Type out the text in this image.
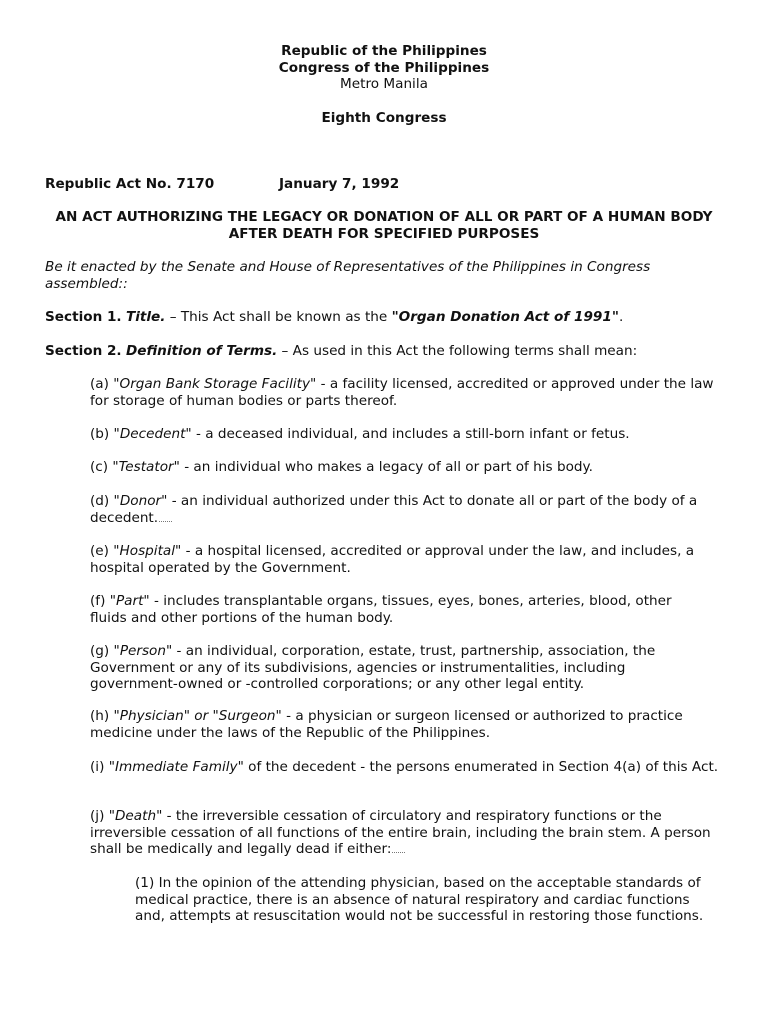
Republic of the Philippines
Congress of the Philippines
Metro Manila
Eighth Congress
Republic Act No. 7170	January 7, 1992
AN ACT AUTHORIZING THE LEGACY OR DONATION OF ALL OR PART OF A HUMAN BODY
AFTER DEATH FOR SPECIFIED PURPOSES
Be it enacted by the Senate and House of Representatives of the Philippines in Congress assembled::
Section 1. Title. – This Act shall be known as the "Organ Donation Act of 1991".
Section 2. Definition of Terms. – As used in this Act the following terms shall mean:
(a) "Organ Bank Storage Facility" - a facility licensed, accredited or approved under the law for storage of human bodies or parts thereof.
(b) "Decedent" - a deceased individual, and includes a still-born infant or fetus.
(c) "Testator" - an individual who makes a legacy of all or part of his body.
(d) "Donor" - an individual authorized under this Act to donate all or part of the body of a decedent.
(e) "Hospital" - a hospital licensed, accredited or approval under the law, and includes, a hospital operated by the Government.
(f) "Part" - includes transplantable organs, tissues, eyes, bones, arteries, blood, other fluids and other portions of the human body.
(g) "Person" - an individual, corporation, estate, trust, partnership, association, the Government or any of its subdivisions, agencies or instrumentalities, including government-owned or -controlled corporations; or any other legal entity.
(h) "Physician" or "Surgeon" - a physician or surgeon licensed or authorized to practice medicine under the laws of the Republic of the Philippines.
(i) "Immediate Family" of the decedent - the persons enumerated in Section 4(a) of this Act.
(j) "Death" - the irreversible cessation of circulatory and respiratory functions or the irreversible cessation of all functions of the entire brain, including the brain stem. A person shall be medically and legally dead if either:
(1) In the opinion of the attending physician, based on the acceptable standards of medical practice, there is an absence of natural respiratory and cardiac functions and, attempts at resuscitation would not be successful in restoring those functions.
